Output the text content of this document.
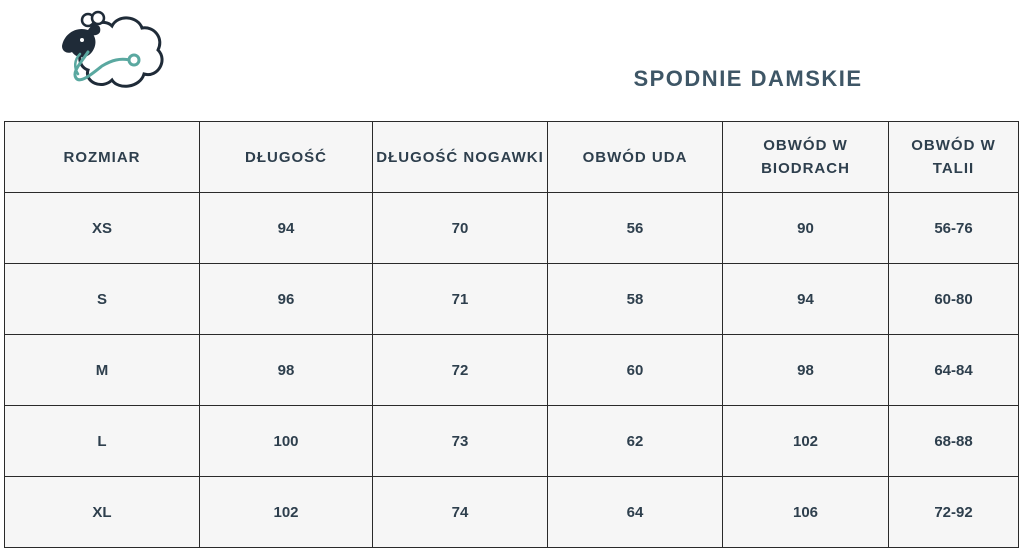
SPODNIE DAMSKIE
ROZMIAR	DŁUGOŚĆ	DŁUGOŚĆ NOGAWKI	OBWÓD UDA	OBWÓD W BIODRACH	OBWÓD W TALII
XS	94	70	56	90	56-76
S	96	71	58	94	60-80
M	98	72	60	98	64-84
L	100	73	62	102	68-88
XL	102	74	64	106	72-92
